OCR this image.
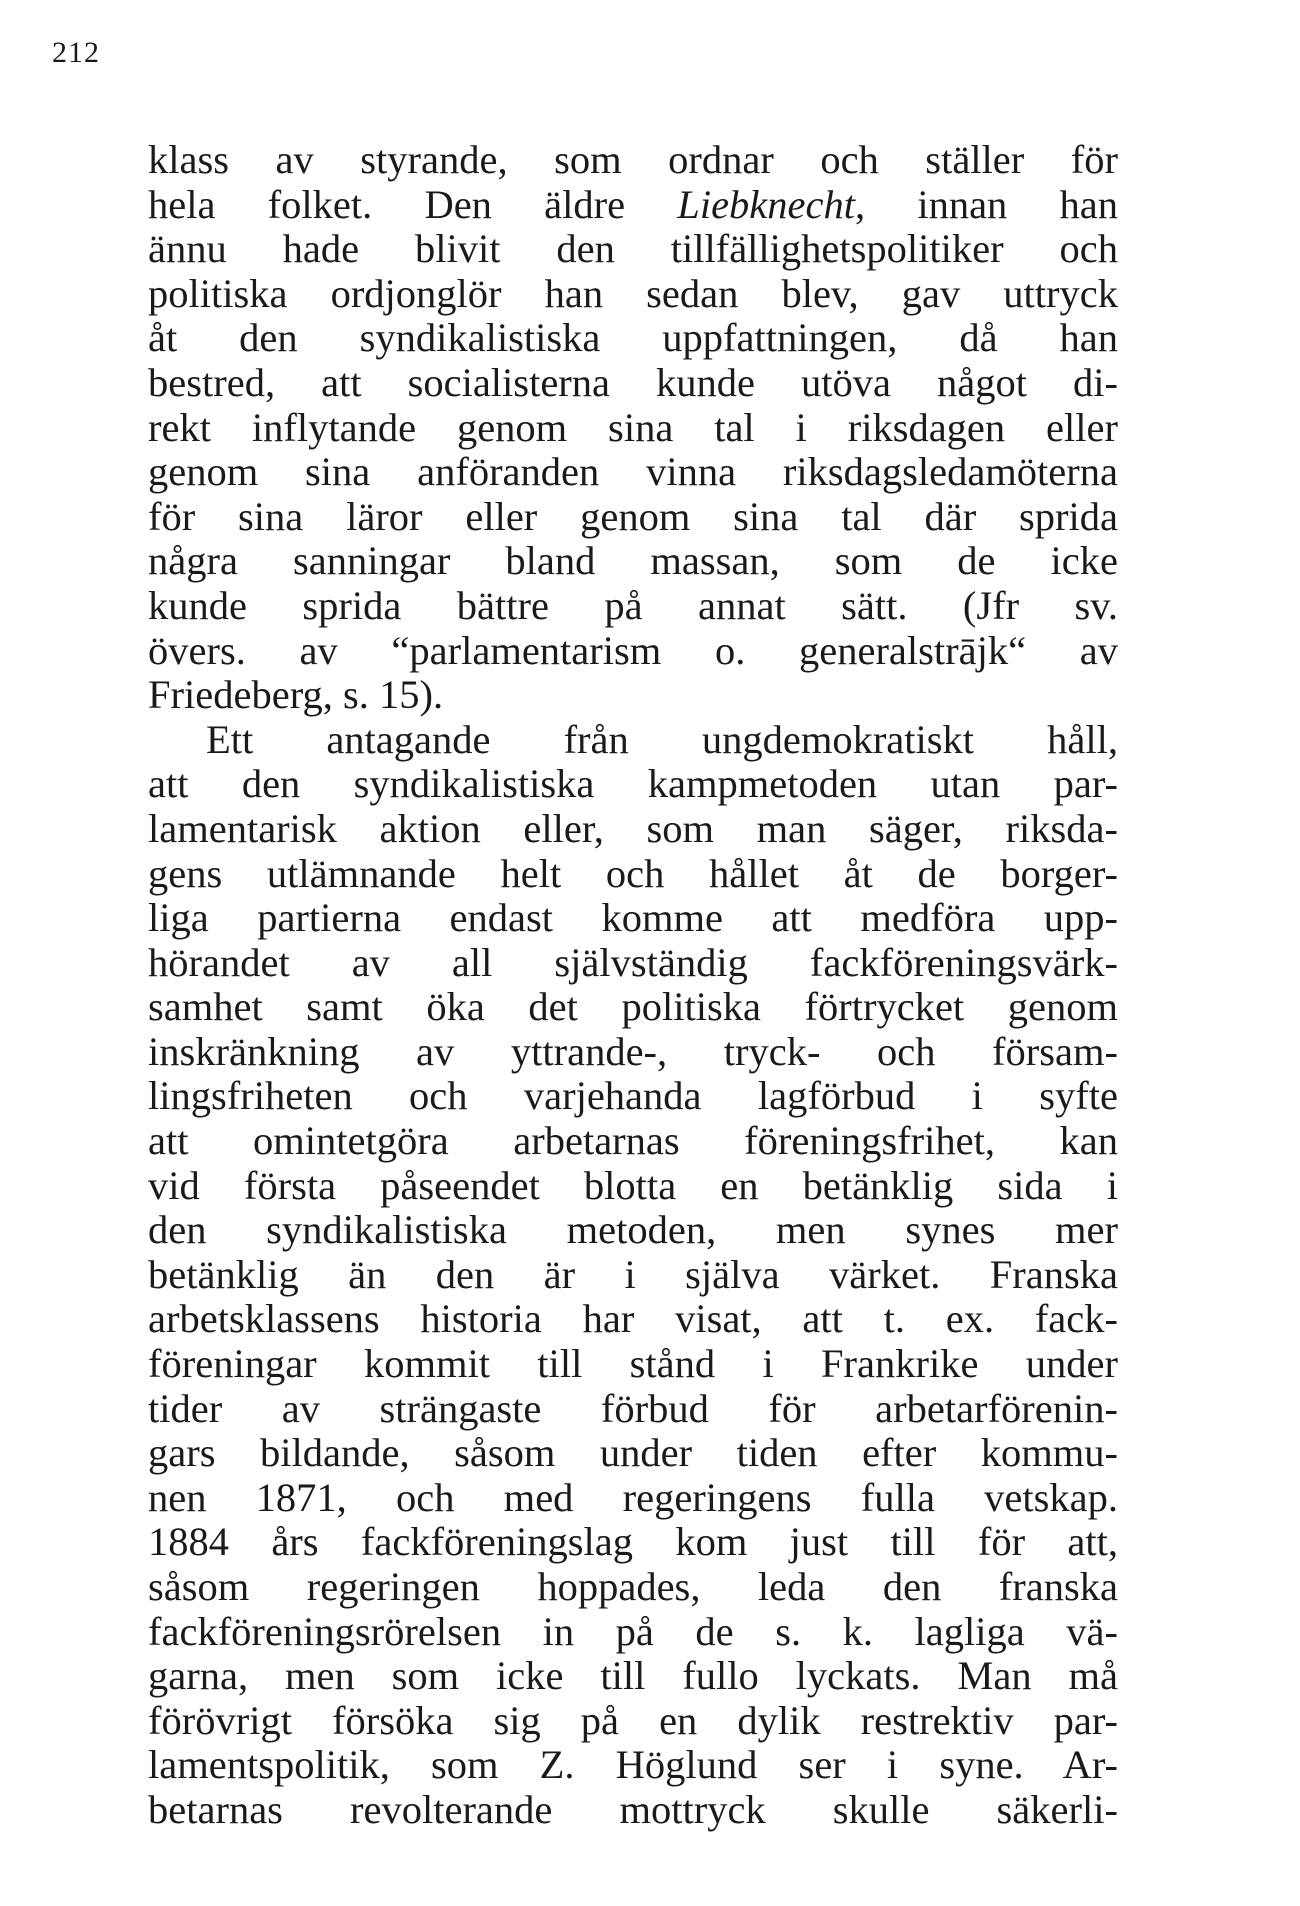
212
klass av styrande, som ordnar och ställer för
hela folket. Den äldre Liebknecht, innan han
ännu hade blivit den tillfällighetspolitiker och
politiska ordjonglör han sedan blev, gav uttryck
åt den syndikalistiska uppfattningen, då han
bestred, att socialisterna kunde utöva något di-
rekt inflytande genom sina tal i riksdagen eller
genom sina anföranden vinna riksdagsledamöterna
för sina läror eller genom sina tal där sprida
några sanningar bland massan, som de icke
kunde sprida bättre på annat sätt. (Jfr sv.
övers. av “parlamentarism o. generalstrājk“ av
Friedeberg, s. 15).
Ett antagande från ungdemokratiskt håll,
att den syndikalistiska kampmetoden utan par-
lamentarisk aktion eller, som man säger, riksda-
gens utlämnande helt och hållet åt de borger-
liga partierna endast komme att medföra upp-
hörandet av all självständig fackföreningsvärk-
samhet samt öka det politiska förtrycket genom
inskränkning av yttrande-, tryck- och försam-
lingsfriheten och varjehanda lagförbud i syfte
att omintetgöra arbetarnas föreningsfrihet, kan
vid första påseendet blotta en betänklig sida i
den syndikalistiska metoden, men synes mer
betänklig än den är i själva värket. Franska
arbetsklassens historia har visat, att t. ex. fack-
föreningar kommit till stånd i Frankrike under
tider av strängaste förbud för arbetarförenin-
gars bildande, såsom under tiden efter kommu-
nen 1871, och med regeringens fulla vetskap.
1884 års fackföreningslag kom just till för att,
såsom regeringen hoppades, leda den franska
fackföreningsrörelsen in på de s. k. lagliga vä-
garna, men som icke till fullo lyckats. Man må
förövrigt försöka sig på en dylik restrektiv par-
lamentspolitik, som Z. Höglund ser i syne. Ar-
betarnas revolterande mottryck skulle säkerli-
